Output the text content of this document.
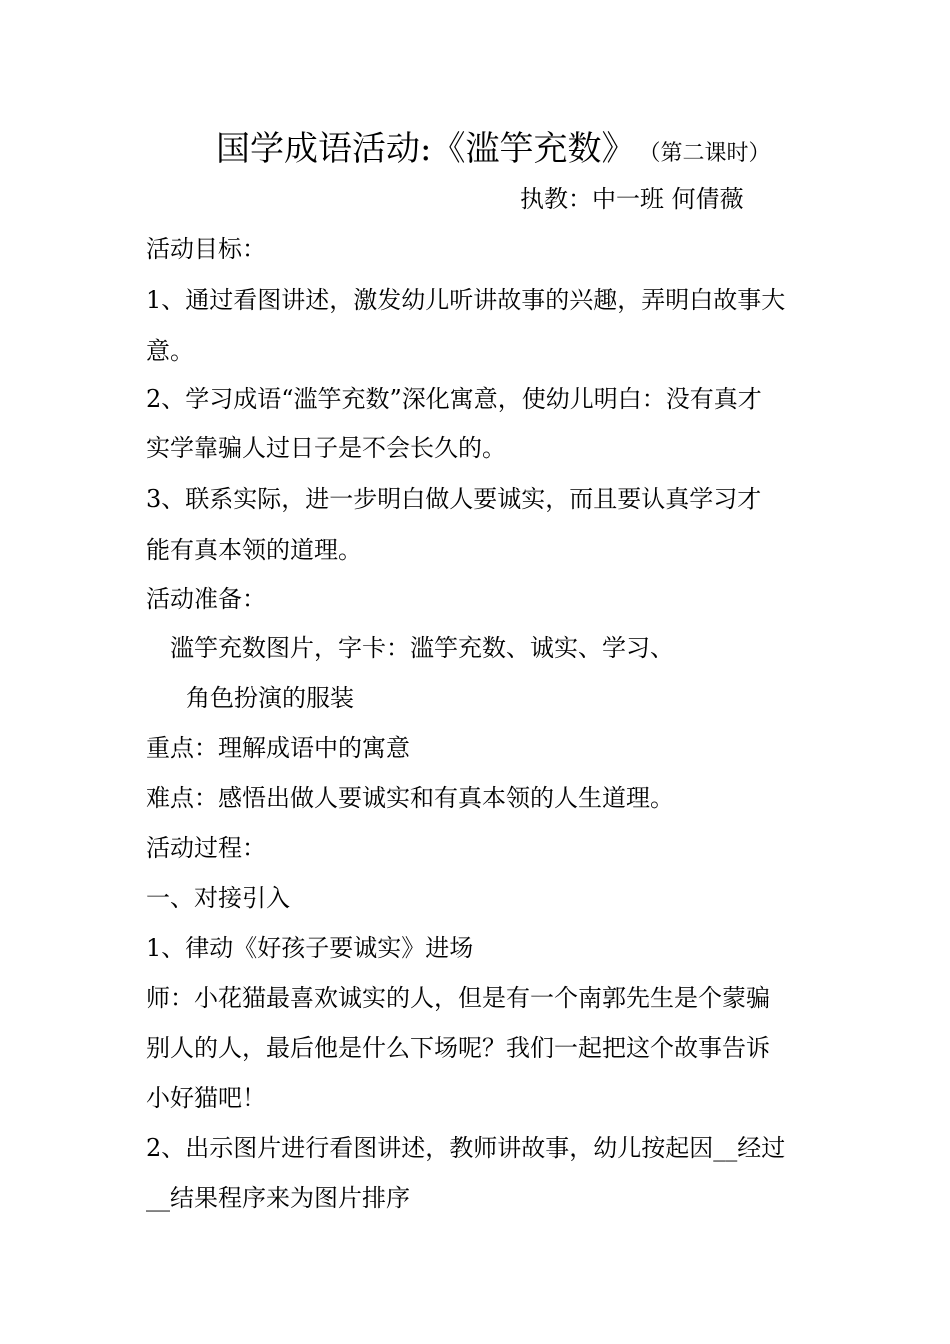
国学成语活动:《滥竽充数》 （第二课时）
执教：中一班 何倩薇
活动目标：
1、通过看图讲述，激发幼儿听讲故事的兴趣，弄明白故事大
意。
2、学习成语“滥竽充数”深化寓意，使幼儿明白：没有真才
实学靠骗人过日子是不会长久的。
3、联系实际，进一步明白做人要诚实，而且要认真学习才
能有真本领的道理。
活动准备：
滥竽充数图片，字卡：滥竽充数、诚实、学习、
角色扮演的服装
重点：理解成语中的寓意
难点：感悟出做人要诚实和有真本领的人生道理。
活动过程：
一、对接引入
1、律动《好孩子要诚实》进场
师：小花猫最喜欢诚实的人，但是有一个南郭先生是个蒙骗
别人的人，最后他是什么下场呢？我们一起把这个故事告诉
小好猫吧！
2、出示图片进行看图讲述，教师讲故事，幼儿按起因__经过
__结果程序来为图片排序
